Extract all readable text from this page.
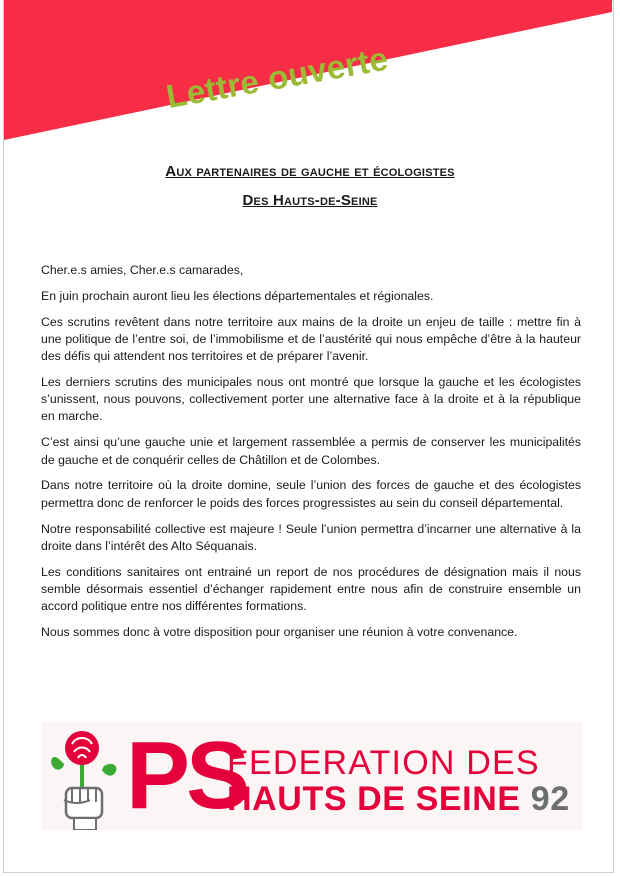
Lettre ouverte
Aux partenaires de gauche et écologistes
Des Hauts-de-Seine

Cher.e.s amies, Cher.e.s camarades,

En juin prochain auront lieu les élections départementales et régionales.

Ces scrutins revêtent dans notre territoire aux mains de la droite un enjeu de taille : mettre fin à une politique de l’entre soi, de l’immobilisme et de l’austérité qui nous empêche d’être à la hauteur des défis qui attendent nos territoires et de préparer l’avenir.

Les derniers scrutins des municipales nous ont montré que lorsque la gauche et les écologistes s’unissent, nous pouvons, collectivement porter une alternative face à la droite et à la république en marche.

C’est ainsi qu’une gauche unie et largement rassemblée a permis de conserver les municipalités de gauche et de conquérir celles de Châtillon et de Colombes.

Dans notre territoire où la droite domine, seule l’union des forces de gauche et des écologistes permettra donc de renforcer le poids des forces progressistes au sein du conseil départemental.

Notre responsabilité collective est majeure ! Seule l’union permettra d’incarner une alternative à la droite dans l’intérêt des Alto Séquanais.

Les conditions sanitaires ont entrainé un report de nos procédures de désignation mais il nous semble désormais essentiel d’échanger rapidement entre nous afin de construire ensemble un accord politique entre nos différentes formations.

Nous sommes donc à votre disposition pour organiser une réunion à votre convenance.

PS
FEDERATION DES
HAUTS DE SEINE 92
